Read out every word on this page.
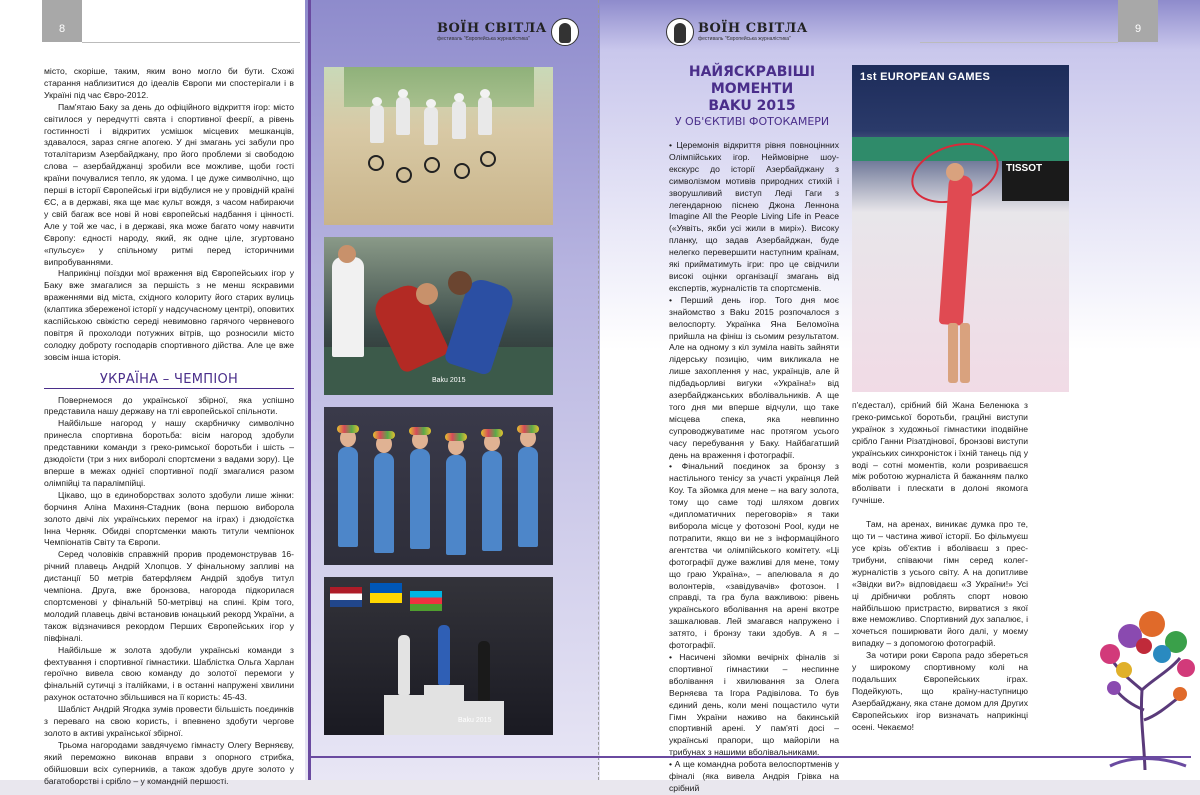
8	9
ВОЇН СВІТЛА
фестиваль "Європейська журналістика"
ВОЇН СВІТЛА
фестиваль "Європейська журналістика"

місто, скоріше, таким, яким воно могло би бути. Схожі старання наблизитися до ідеалів Європи ми спостерігали і в Україні під час Євро-2012.

Пам'ятаю Баку за день до офіційного відкриття ігор: місто світилося у передчутті свята і спортивної феєрії, а рівень гостинності і відкритих усмішок місцевих мешканців, здавалося, зараз сягне апогею. У дні змагань усі забули про тоталітаризм Азербайджану, про його проблеми зі свободою слова – азербайджанці зробили все можливе, щоби гості країни почувалися тепло, як удома. І це дуже символічно, що перші в історії Європейські ігри відбулися не у провідній країні ЄС, а в державі, яка ще має культ вождя, з часом набираючи у свій багаж все нові й нові європейські надбання і цінності. Але у той же час, і в державі, яка може багато чому навчити Європу: єдності народу, який, як одне ціле, згуртовано «пульсує» у спільному ритмі перед історичними випробуваннями.

Наприкінці поїздки мої враження від Європейських ігор у Баку вже змагалися за першість з не менш яскравими враженнями від міста, східного колориту його старих вулиць (клаптика збереженої історії у надсучасному центрі), оповитих каспійською свіжістю середі невимовно гарячого червневого повітря й прохолоди потужних вітрів, що розносили місто солодку доброту господарів спортивного дійства. Але це вже зовсім інша історія.

УКРАЇНА – ЧЕМПІОН

Повернемося до української збірної, яка успішно представила нашу державу на тлі європейської спільноти.

Найбільше нагород у нашу скарбничку символічно принесла спортивна боротьба: вісім нагород здобули представники команди з греко-римської боротьби і шість – дзюдоїсти (три з них виборолі спортсмени з вадами зору). Це вперше в межах однієї спортивної події змагалися разом олімпійці та паралімпійці.

Цікаво, що в єдиноборствах золото здобули лише жінки: борчиня Аліна Махиня-Стадник (вона першою виборола золото двічі ліх українських перемог на іграх) і дзюдоїстка Інна Черняк. Обидві спортсменки мають титули чемпіонок Чемпіонатів Світу та Європи.

Серед чоловіків справжній прорив продемонстрував 16-річний плавець Андрій Хлопцов. У фінальному запливі на дистанції 50 метрів батерфляєм Андрій здобув титул чемпіона. Друга, вже бронзова, нагорода підкорилася спортсменові у фінальній 50-метрівці на спині. Крім того, молодий плавець двічі встановив юнацький рекорд України, а також відзначився рекордом Перших Європейських ігор у півфіналі.

Найбільше ж золота здобули українські команди з фехтування і спортивної гімнастики. Шаблістка Ольга Харлан героїчно вивела свою команду до золотої перемоги у фінальній сутичці з італійками, і в останні напружені хвилини рахунок остаточно збільшився на її користь: 45-43.

Шабліст Андрій Ягодка зумів провести більшість поєдинків з переваго на свою користь, і впевнено здобути чергове золото в активі української збірної.

Трьома нагородами завдячуємо гімнасту Олегу Верняєву, який переможно виконав вправи з опорного стрибка, обійшовши всіх суперників, а також здобув друге золото у багатоборстві і срібло – у командній першості.

Baku 2015
Baku 2015
НАЙЯСКРАВІШІ МОМЕНТИ
BAKU 2015
У ОБ'ЄКТИВІ ФОТОКАМЕРИ

• Церемонія відкриття рівня повноцінних Олімпійських ігор. Неймовірне шоу-екскурс до історії Азербайджану з символізмом мотивів природних стихій і зворушливий виступ Леді Гаги з легендарною піснею Джона Леннона Imagine All the People Living Life in Peace («Уявіть, якби усі жили в мирі»). Високу планку, що задав Азербайджан, буде нелегко перевершити наступним країнам, які прийматимуть ігри: про це свідчили високі оцінки організації змагань від експертів, журналістів та спортсменів.

• Перший день ігор. Того дня моє знайомство з Baku 2015 розпочалося з велоспорту. Українка Яна Беломоїна прийшла на фініш із сьомим результатом. Але на одному з кіл зуміла навіть зайняти лідерську позицію, чим викликала не лише захоплення у нас, українців, але й підбадьорливі вигуки «Україна!» від азербайджанських вболівальників. А ще того дня ми вперше відчули, що таке місцева спека, яка невпинно супроводжуватиме нас протягом усього часу перебування у Баку. Найбагатший день на враження і фотографії.

• Фінальний поєдинок за бронзу з настільного тенісу за участі українця Лей Коу. Та зйомка для мене – на вагу золота, тому що саме тоді шляхом довгих «дипломатичних переговорів» я таки виборола місце у фотозоні Pool, куди не потрапити, якщо ви не з інформаційного агентства чи олімпійського комітету. «Ці фотографії дуже важливі для мене, тому що граю Україна», – апелювала я до волонтерів, «завідувачів» фотозон. І справді, та гра була важливою: рівень українського вболівання на арені вкотре зашкалював. Лей змагався напружено і затято, і бронзу таки здобув. А я – фотографії.

• Насичені зйомки вечірніх фіналів зі спортивної гімнастики – неспинне вболівання і хвилювання за Олега Верняєва та Ігора Радівілова. То був єдиний день, коли мені пощастило чути Гімн України наживо на бакинській спортивній арені. У пам'яті досі – українські прапори, що майоріли на трибунах з нашими вболівальниками.

• А ще командна робота велоспортменів у фіналі (яка вивела Андрія Грівка на срібний

1st EUROPEAN GAMES
TISSOT

п'єдестал), срібний бій Жана Беленюка з греко-римської боротьби, грацйні виступи українок з художньої гімнастики іподвійне срібло Ганни Різатдінової, бронзові виступи українських синхроністок і їхній танець під у воді – сотні моментів, коли розриваєшся між роботою журналіста й бажанням палко вболівати і плескати в долоні якомога гучніше.

Там, на аренах, виникає думка про те, що ти – частина живої історії. Бо фільмуєш усе крізь об'єктив і вболіваєш з прес-трибуни, співаючи гімн серед колег-журналістів з усього світу. А на допитливе «Звідки ви?» відповідаєш «З України!» Усі ці дрібнички роблять спорт новою найбільшою пристрастю, вирватися з якої вже неможливо. Спортивний дух запалює, і хочеться поширювати його далі, у моєму випадку – з допомогою фотографій.

За чотири роки Європа радо збереться у широкому спортивному колі на подальших Європейських іграх. Подейкують, що країну-наступницю Азербайджану, яка станe домом для Других Європейських ігор визначать наприкінці осені. Чекаємо!
